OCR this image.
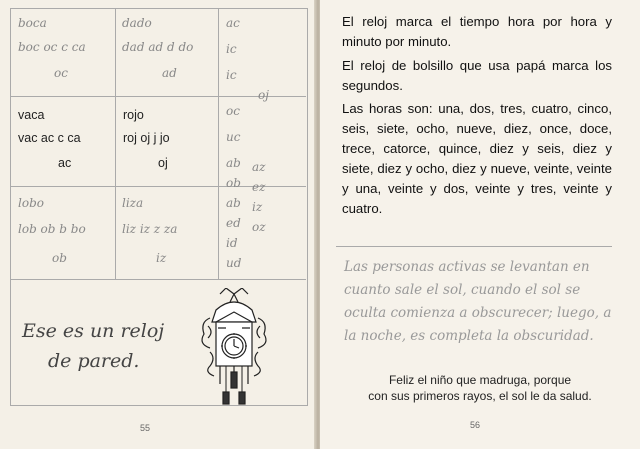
boca
boc oc c ca
oc
dado
dad ad d do
ad
vaca
vac ac c ca
ac
rojo
roj oj j jo
oj
lobo
lob ob b bo
ob
liza
liz iz z za
iz
ac
ic
ic
oc
uc
ab
ob
ab
ed
id
ud
oj
az
ez
iz
oz
Ese es un reloj
de pared.
55
El reloj marca el tiempo hora por hora y minuto por minuto.
El reloj de bolsillo que usa papá marca los segundos.
Las horas son: una, dos, tres, cuatro, cinco, seis, siete, ocho, nueve, diez, once, doce, trece, catorce, quince, diez y seis, diez y siete, diez y ocho, diez y nueve, veinte, veinte y una, veinte y dos, veinte y tres, veinte y cuatro.
Las personas activas se levantan en cuanto sale el sol, cuando el sol se oculta comienza a obscurecer; luego, a la noche, es completa la obscuridad.
Feliz el niño que madruga, porque
con sus primeros rayos, el sol le da salud.
56
